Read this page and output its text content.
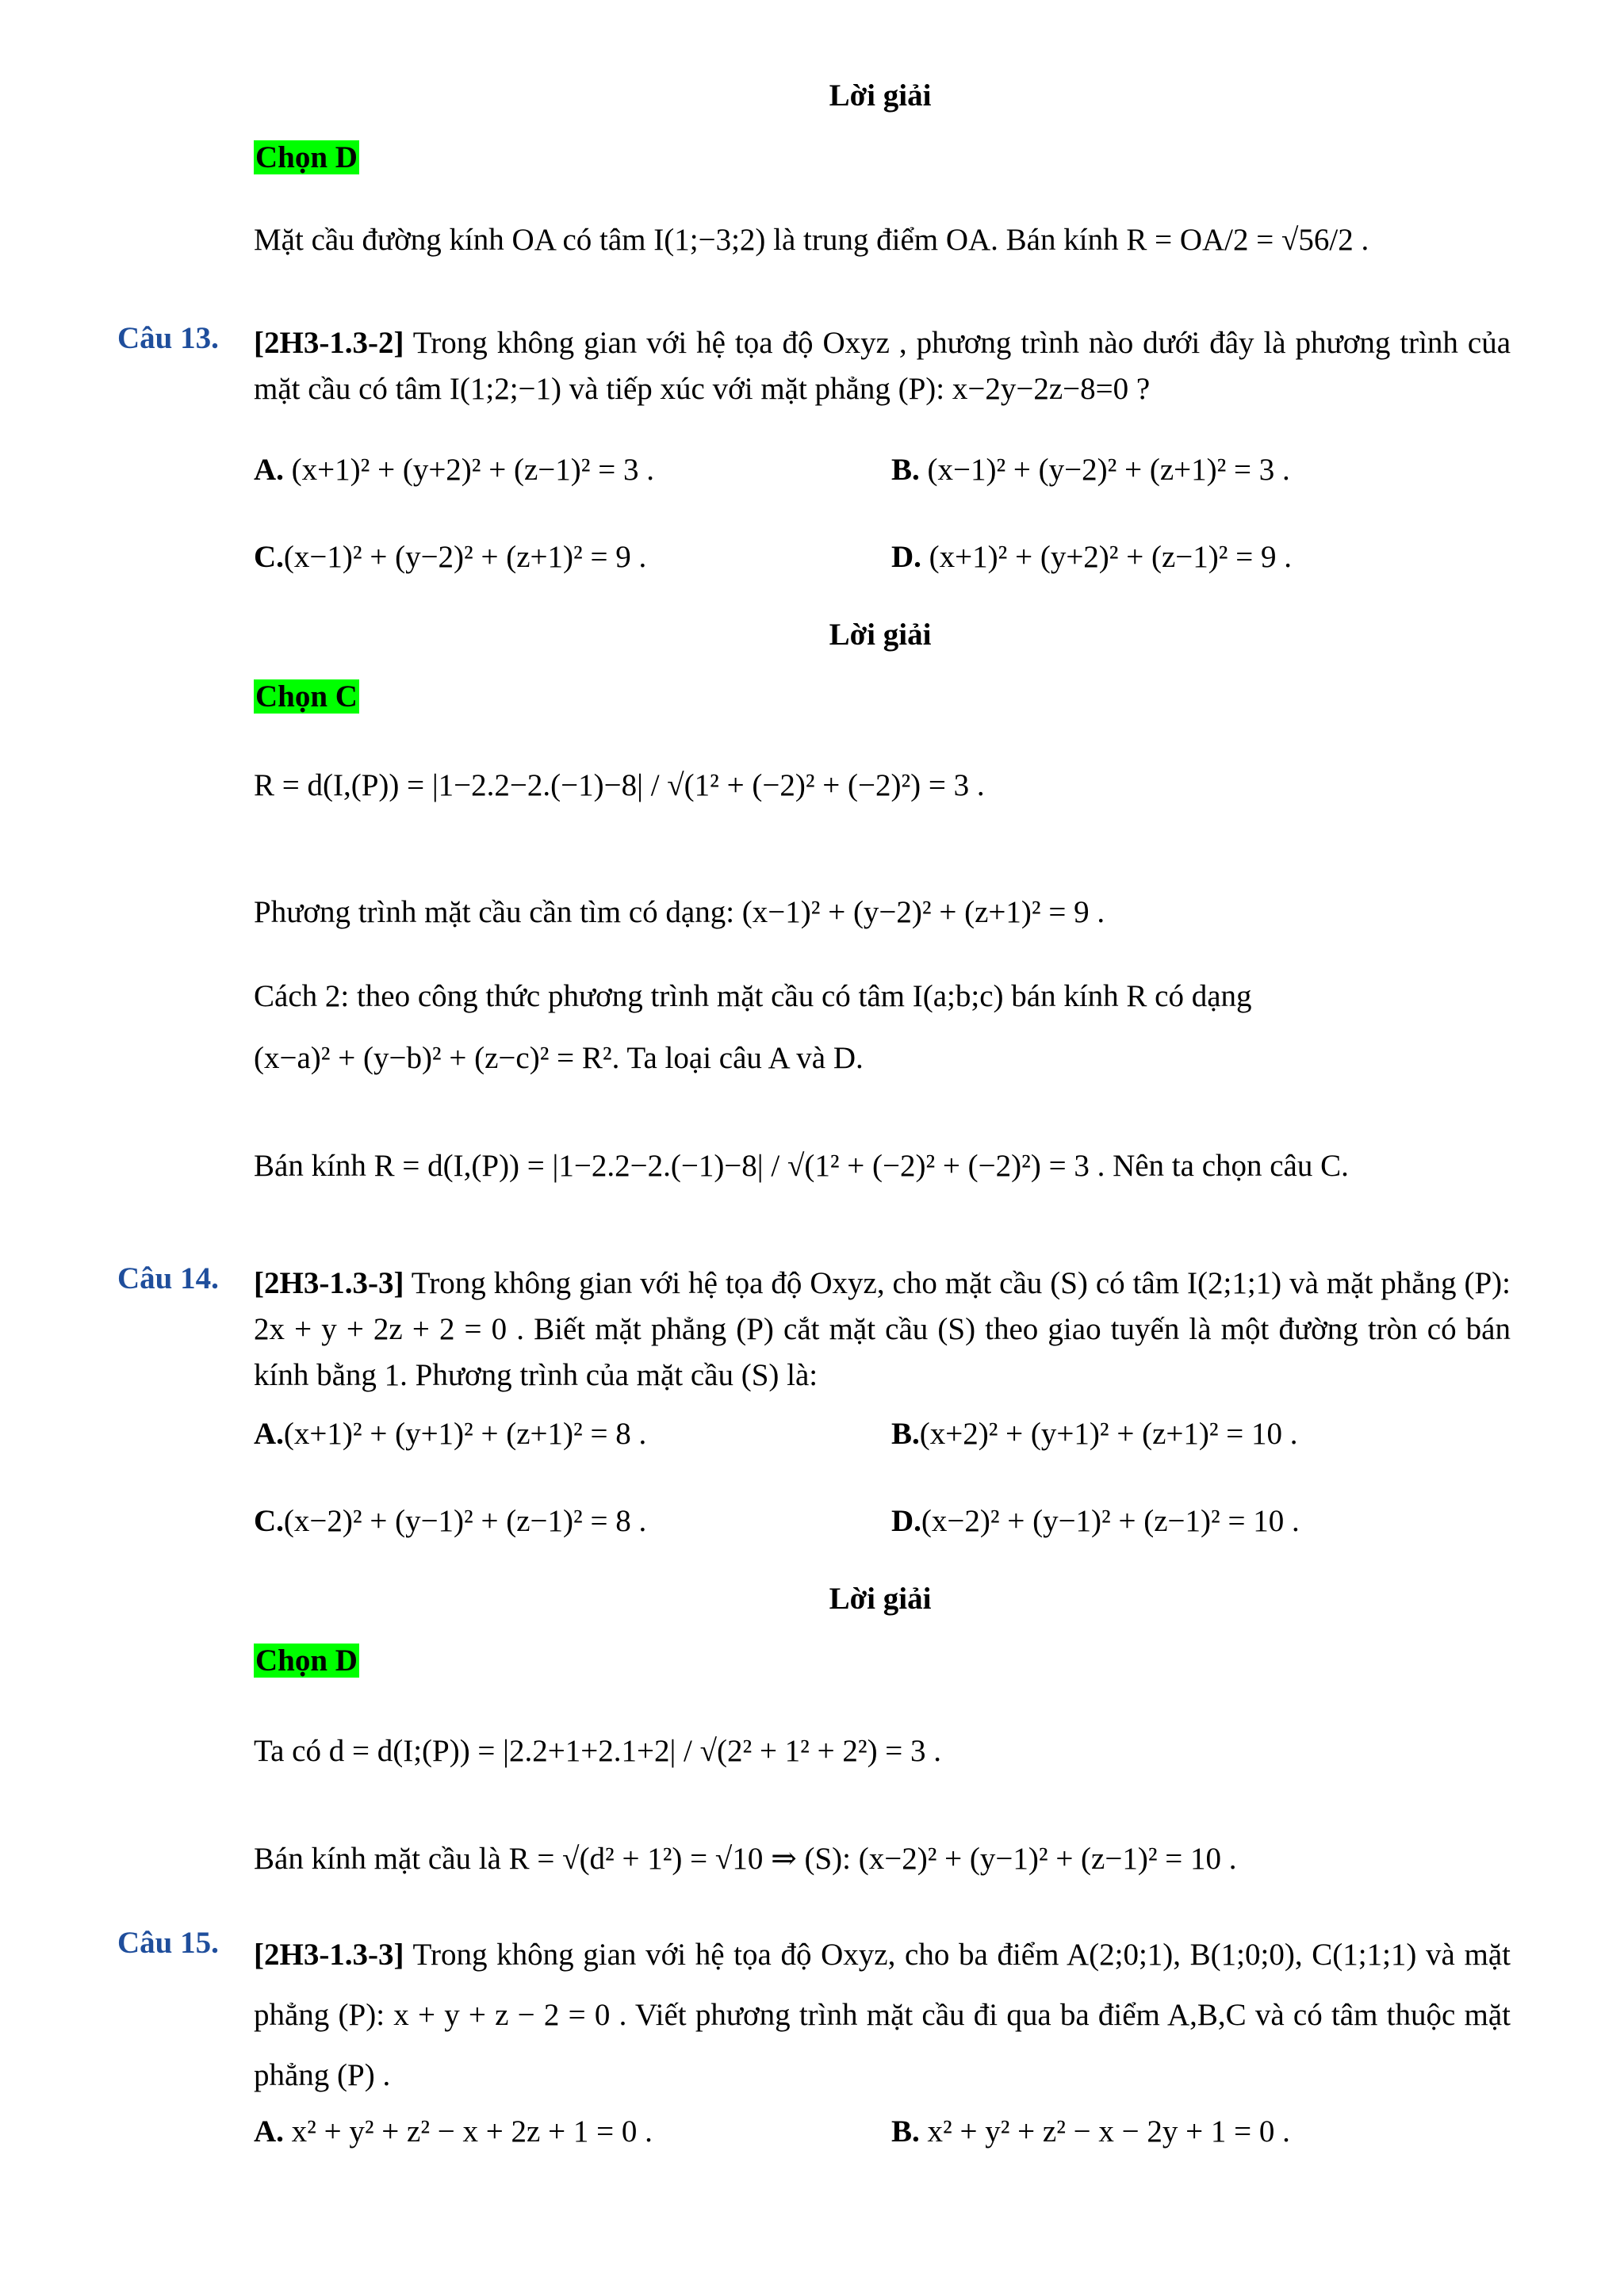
Lời giải
Chọn D
Mặt cầu đường kính OA có tâm I(1;−3;2) là trung điểm OA. Bán kính R = OA/2 = √56/2 .
Câu 13. [2H3-1.3-2] Trong không gian với hệ tọa độ Oxyz , phương trình nào dưới đây là phương trình của mặt cầu có tâm I(1;2;−1) và tiếp xúc với mặt phẳng (P): x−2y−2z−8=0 ?
A. (x+1)² + (y+2)² + (z−1)² = 3 .	B. (x−1)² + (y−2)² + (z+1)² = 3 .
C.(x−1)² + (y−2)² + (z+1)² = 9 .	D. (x+1)² + (y+2)² + (z−1)² = 9 .
Lời giải
Chọn C
R = d(I,(P)) = |1−2.2−2.(−1)−8| / √(1² + (−2)² + (−2)²) = 3 .
Phương trình mặt cầu cần tìm có dạng: (x−1)² + (y−2)² + (z+1)² = 9 .
Cách 2: theo công thức phương trình mặt cầu có tâm I(a;b;c) bán kính R có dạng
(x−a)² + (y−b)² + (z−c)² = R². Ta loại câu A và D.
Bán kính R = d(I,(P)) = |1−2.2−2.(−1)−8| / √(1² + (−2)² + (−2)²) = 3 . Nên ta chọn câu C.
Câu 14. [2H3-1.3-3] Trong không gian với hệ tọa độ Oxyz, cho mặt cầu (S) có tâm I(2;1;1) và mặt phẳng (P): 2x + y + 2z + 2 = 0 . Biết mặt phẳng (P) cắt mặt cầu (S) theo giao tuyến là một đường tròn có bán kính bằng 1. Phương trình của mặt cầu (S) là:
A.(x+1)² + (y+1)² + (z+1)² = 8 .	B.(x+2)² + (y+1)² + (z+1)² = 10 .
C.(x−2)² + (y−1)² + (z−1)² = 8 .	D.(x−2)² + (y−1)² + (z−1)² = 10 .
Lời giải
Chọn D
Ta có d = d(I;(P)) = |2.2+1+2.1+2| / √(2² + 1² + 2²) = 3 .
Bán kính mặt cầu là R = √(d² + 1²) = √10 ⇒ (S): (x−2)² + (y−1)² + (z−1)² = 10 .
Câu 15. [2H3-1.3-3] Trong không gian với hệ tọa độ Oxyz, cho ba điểm A(2;0;1), B(1;0;0), C(1;1;1) và mặt phẳng (P): x + y + z − 2 = 0 . Viết phương trình mặt cầu đi qua ba điểm A,B,C và có tâm thuộc mặt phẳng (P) .
A. x² + y² + z² − x + 2z + 1 = 0 .	B. x² + y² + z² − x − 2y + 1 = 0 .
